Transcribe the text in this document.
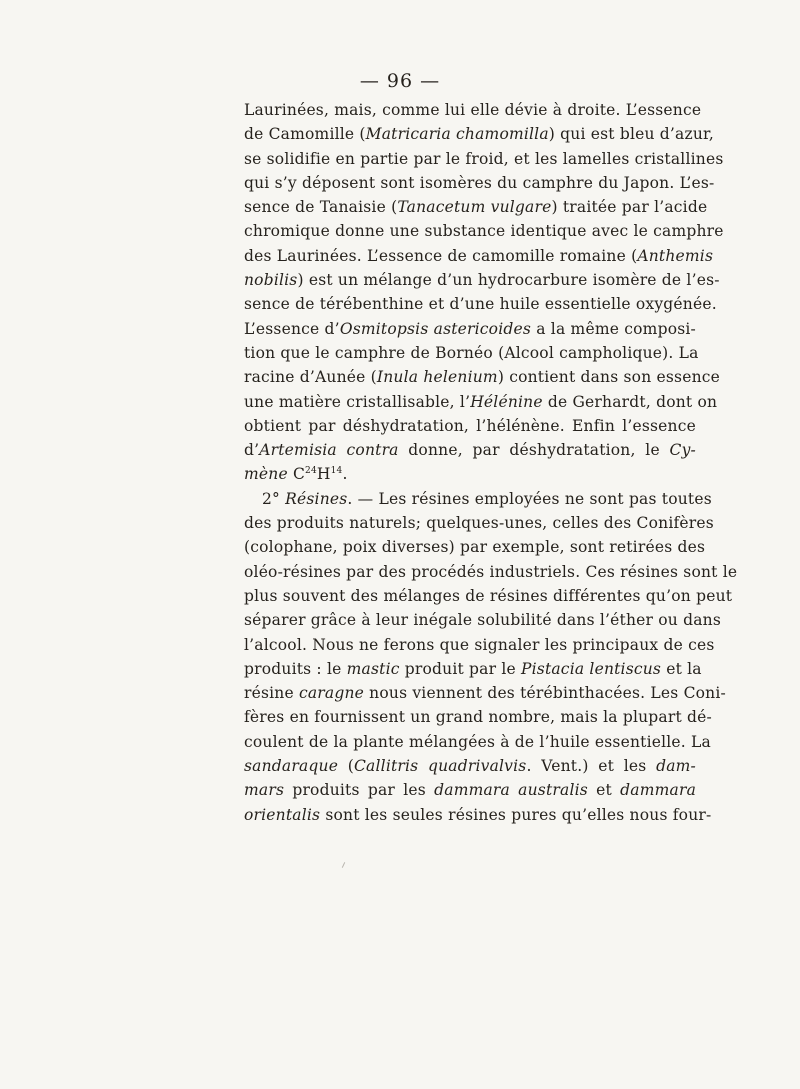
— 96 —
Laurinées, mais, comme lui elle dévie à droite. L’essence
de Camomille (Matricaria chamomilla) qui est bleu d’azur,
se solidifie en partie par le froid, et les lamelles cristallines
qui s’y déposent sont isomères du camphre du Japon. L’es-
sence de Tanaisie (Tanacetum vulgare) traitée par l’acide
chromique donne une substance identique avec le camphre
des Laurinées. L’essence de camomille romaine (Anthemis
nobilis) est un mélange d’un hydrocarbure isomère de l’es-
sence de térébenthine et d’une huile essentielle oxygénée.
L’essence d’Osmitopsis astericoides a la même composi-
tion que le camphre de Bornéo (Alcool campholique). La
racine d’Aunée (Inula helenium) contient dans son essence
une matière cristallisable, l’Hélénine de Gerhardt, dont on
obtient par déshydratation, l’hélénène. Enfin l’essence
d’Artemisia contra donne, par déshydratation, le Cy-
mène $C^{24}H^{14}$.
2° Résines. — Les résines employées ne sont pas toutes
des produits naturels; quelques-unes, celles des Conifères
(colophane, poix diverses) par exemple, sont retirées des
oléo-résines par des procédés industriels. Ces résines sont le
plus souvent des mélanges de résines différentes qu’on peut
séparer grâce à leur inégale solubilité dans l’éther ou dans
l’alcool. Nous ne ferons que signaler les principaux de ces
produits : le mastic produit par le Pistacia lentiscus et la
résine caragne nous viennent des térébinthacées. Les Coni-
fères en fournissent un grand nombre, mais la plupart dé-
coulent de la plante mélangées à de l’huile essentielle. La
sandaraque (Callitris quadrivalvis. Vent.) et les dam-
mars produits par les dammara australis et dammara
orientalis sont les seules résines pures qu’elles nous four-
